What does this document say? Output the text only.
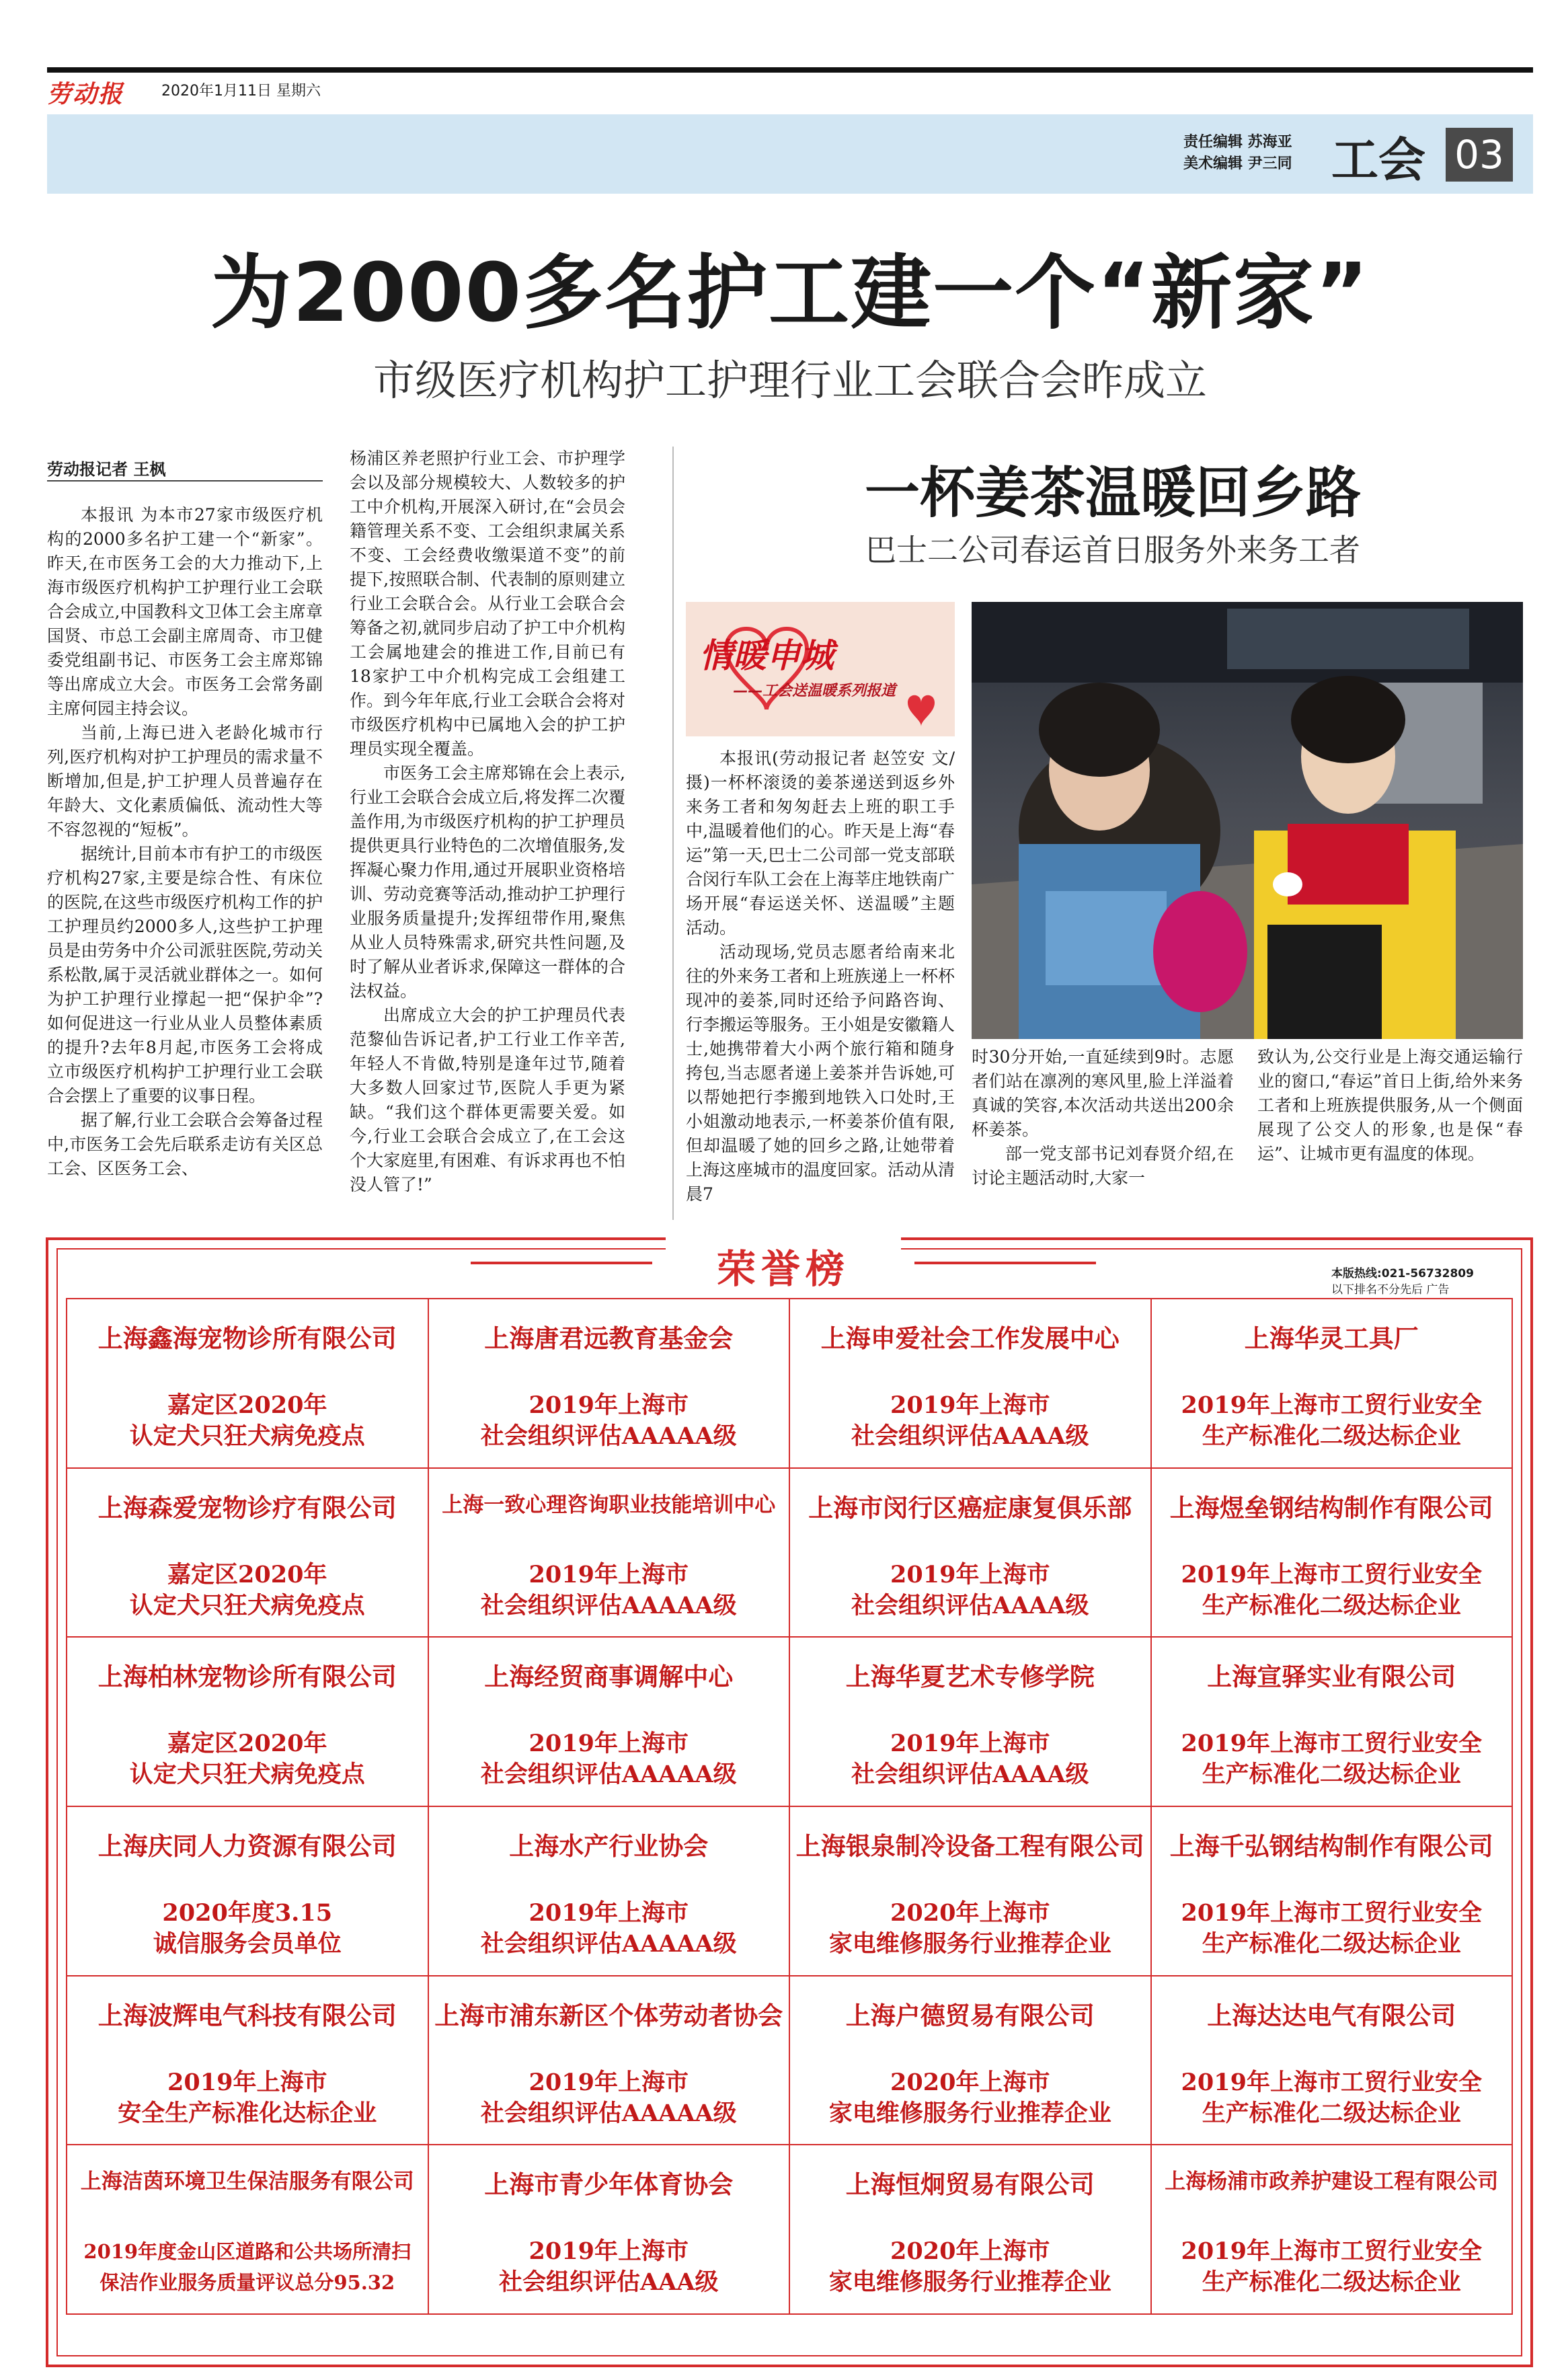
劳动报	2020年1月11日 星期六
责任编辑 苏海亚
美术编辑 尹三同 工会 03
为2000多名护工建一个“新家”
市级医疗机构护工护理行业工会联合会昨成立
劳动报记者 王枫

本报讯 为本市27家市级医疗机构的2000多名护工建一个“新家”。昨天,在市医务工会的大力推动下,上海市级医疗机构护工护理行业工会联合会成立,中国教科文卫体工会主席章国贤、市总工会副主席周奇、市卫健委党组副书记、市医务工会主席郑锦等出席成立大会。市医务工会常务副主席何园主持会议。

当前,上海已进入老龄化城市行列,医疗机构对护工护理员的需求量不断增加,但是,护工护理人员普遍存在年龄大、文化素质偏低、流动性大等不容忽视的“短板”。

据统计,目前本市有护工的市级医疗机构27家,主要是综合性、有床位的医院,在这些市级医疗机构工作的护工护理员约2000多人,这些护工护理员是由劳务中介公司派驻医院,劳动关系松散,属于灵活就业群体之一。如何为护工护理行业撑起一把“保护伞”?如何促进这一行业从业人员整体素质的提升?去年8月起,市医务工会将成立市级医疗机构护工护理行业工会联合会摆上了重要的议事日程。

据了解,行业工会联合会筹备过程中,市医务工会先后联系走访有关区总工会、区医务工会、

杨浦区养老照护行业工会、市护理学会以及部分规模较大、人数较多的护工中介机构,开展深入研讨,在“会员会籍管理关系不变、工会组织隶属关系不变、工会经费收缴渠道不变”的前提下,按照联合制、代表制的原则建立行业工会联合会。从行业工会联合会筹备之初,就同步启动了护工中介机构工会属地建会的推进工作,目前已有18家护工中介机构完成工会组建工作。到今年年底,行业工会联合会将对市级医疗机构中已属地入会的护工护理员实现全覆盖。

市医务工会主席郑锦在会上表示,行业工会联合会成立后,将发挥二次覆盖作用,为市级医疗机构的护工护理员提供更具行业特色的二次增值服务,发挥凝心聚力作用,通过开展职业资格培训、劳动竞赛等活动,推动护工护理行业服务质量提升;发挥纽带作用,聚焦从业人员特殊需求,研究共性问题,及时了解从业者诉求,保障这一群体的合法权益。

出席成立大会的护工护理员代表范黎仙告诉记者,护工行业工作辛苦,年轻人不肯做,特别是逢年过节,随着大多数人回家过节,医院人手更为紧缺。“我们这个群体更需要关爱。如今,行业工会联合会成立了,在工会这个大家庭里,有困难、有诉求再也不怕没人管了!”

一杯姜茶温暖回乡路
巴士二公司春运首日服务外来务工者
情暖申城
——工会送温暖系列报道

本报讯(劳动报记者 赵笠安 文/摄)一杯杯滚烫的姜茶递送到返乡外来务工者和匆匆赶去上班的职工手中,温暖着他们的心。昨天是上海“春运”第一天,巴士二公司部一党支部联合闵行车队工会在上海莘庄地铁南广场开展“春运送关怀、送温暖”主题活动。

活动现场,党员志愿者给南来北往的外来务工者和上班族递上一杯杯现冲的姜茶,同时还给予问路咨询、行李搬运等服务。王小姐是安徽籍人士,她携带着大小两个旅行箱和随身挎包,当志愿者递上姜茶并告诉她,可以帮她把行李搬到地铁入口处时,王小姐激动地表示,一杯姜茶价值有限,但却温暖了她的回乡之路,让她带着上海这座城市的温度回家。活动从清晨7

时30分开始,一直延续到9时。志愿者们站在凛冽的寒风里,脸上洋溢着真诚的笑容,本次活动共送出200余杯姜茶。

部一党支部书记刘春贤介绍,在讨论主题活动时,大家一

致认为,公交行业是上海交通运输行业的窗口,“春运”首日上街,给外来务工者和上班族提供服务,从一个侧面展现了公交人的形象,也是保“春运”、让城市更有温度的体现。

荣誉榜	本版热线:021-56732809
以下排名不分先后 广告
上海鑫海宠物诊所有限公司
嘉定区2020年
认定犬只狂犬病免疫点
上海唐君远教育基金会
2019年上海市
社会组织评估AAAAA级
上海申爱社会工作发展中心
2019年上海市
社会组织评估AAAA级
上海华灵工具厂
2019年上海市工贸行业安全
生产标准化二级达标企业
上海森爱宠物诊疗有限公司
嘉定区2020年
认定犬只狂犬病免疫点
上海一致心理咨询职业技能培训中心
2019年上海市
社会组织评估AAAAA级
上海市闵行区癌症康复俱乐部
2019年上海市
社会组织评估AAAA级
上海煜垒钢结构制作有限公司
2019年上海市工贸行业安全
生产标准化二级达标企业
上海柏林宠物诊所有限公司
嘉定区2020年
认定犬只狂犬病免疫点
上海经贸商事调解中心
2019年上海市
社会组织评估AAAAA级
上海华夏艺术专修学院
2019年上海市
社会组织评估AAAA级
上海宣驿实业有限公司
2019年上海市工贸行业安全
生产标准化二级达标企业
上海庆同人力资源有限公司
2020年度3.15
诚信服务会员单位
上海水产行业协会
2019年上海市
社会组织评估AAAAA级
上海银泉制冷设备工程有限公司
2020年上海市
家电维修服务行业推荐企业
上海千弘钢结构制作有限公司
2019年上海市工贸行业安全
生产标准化二级达标企业
上海波辉电气科技有限公司
2019年上海市
安全生产标准化达标企业
上海市浦东新区个体劳动者协会
2019年上海市
社会组织评估AAAAA级
上海户德贸易有限公司
2020年上海市
家电维修服务行业推荐企业
上海达达电气有限公司
2019年上海市工贸行业安全
生产标准化二级达标企业
上海洁茵环境卫生保洁服务有限公司
2019年度金山区道路和公共场所清扫
保洁作业服务质量评议总分95.32
上海市青少年体育协会
2019年上海市
社会组织评估AAA级
上海恒炯贸易有限公司
2020年上海市
家电维修服务行业推荐企业
上海杨浦市政养护建设工程有限公司
2019年上海市工贸行业安全
生产标准化二级达标企业
